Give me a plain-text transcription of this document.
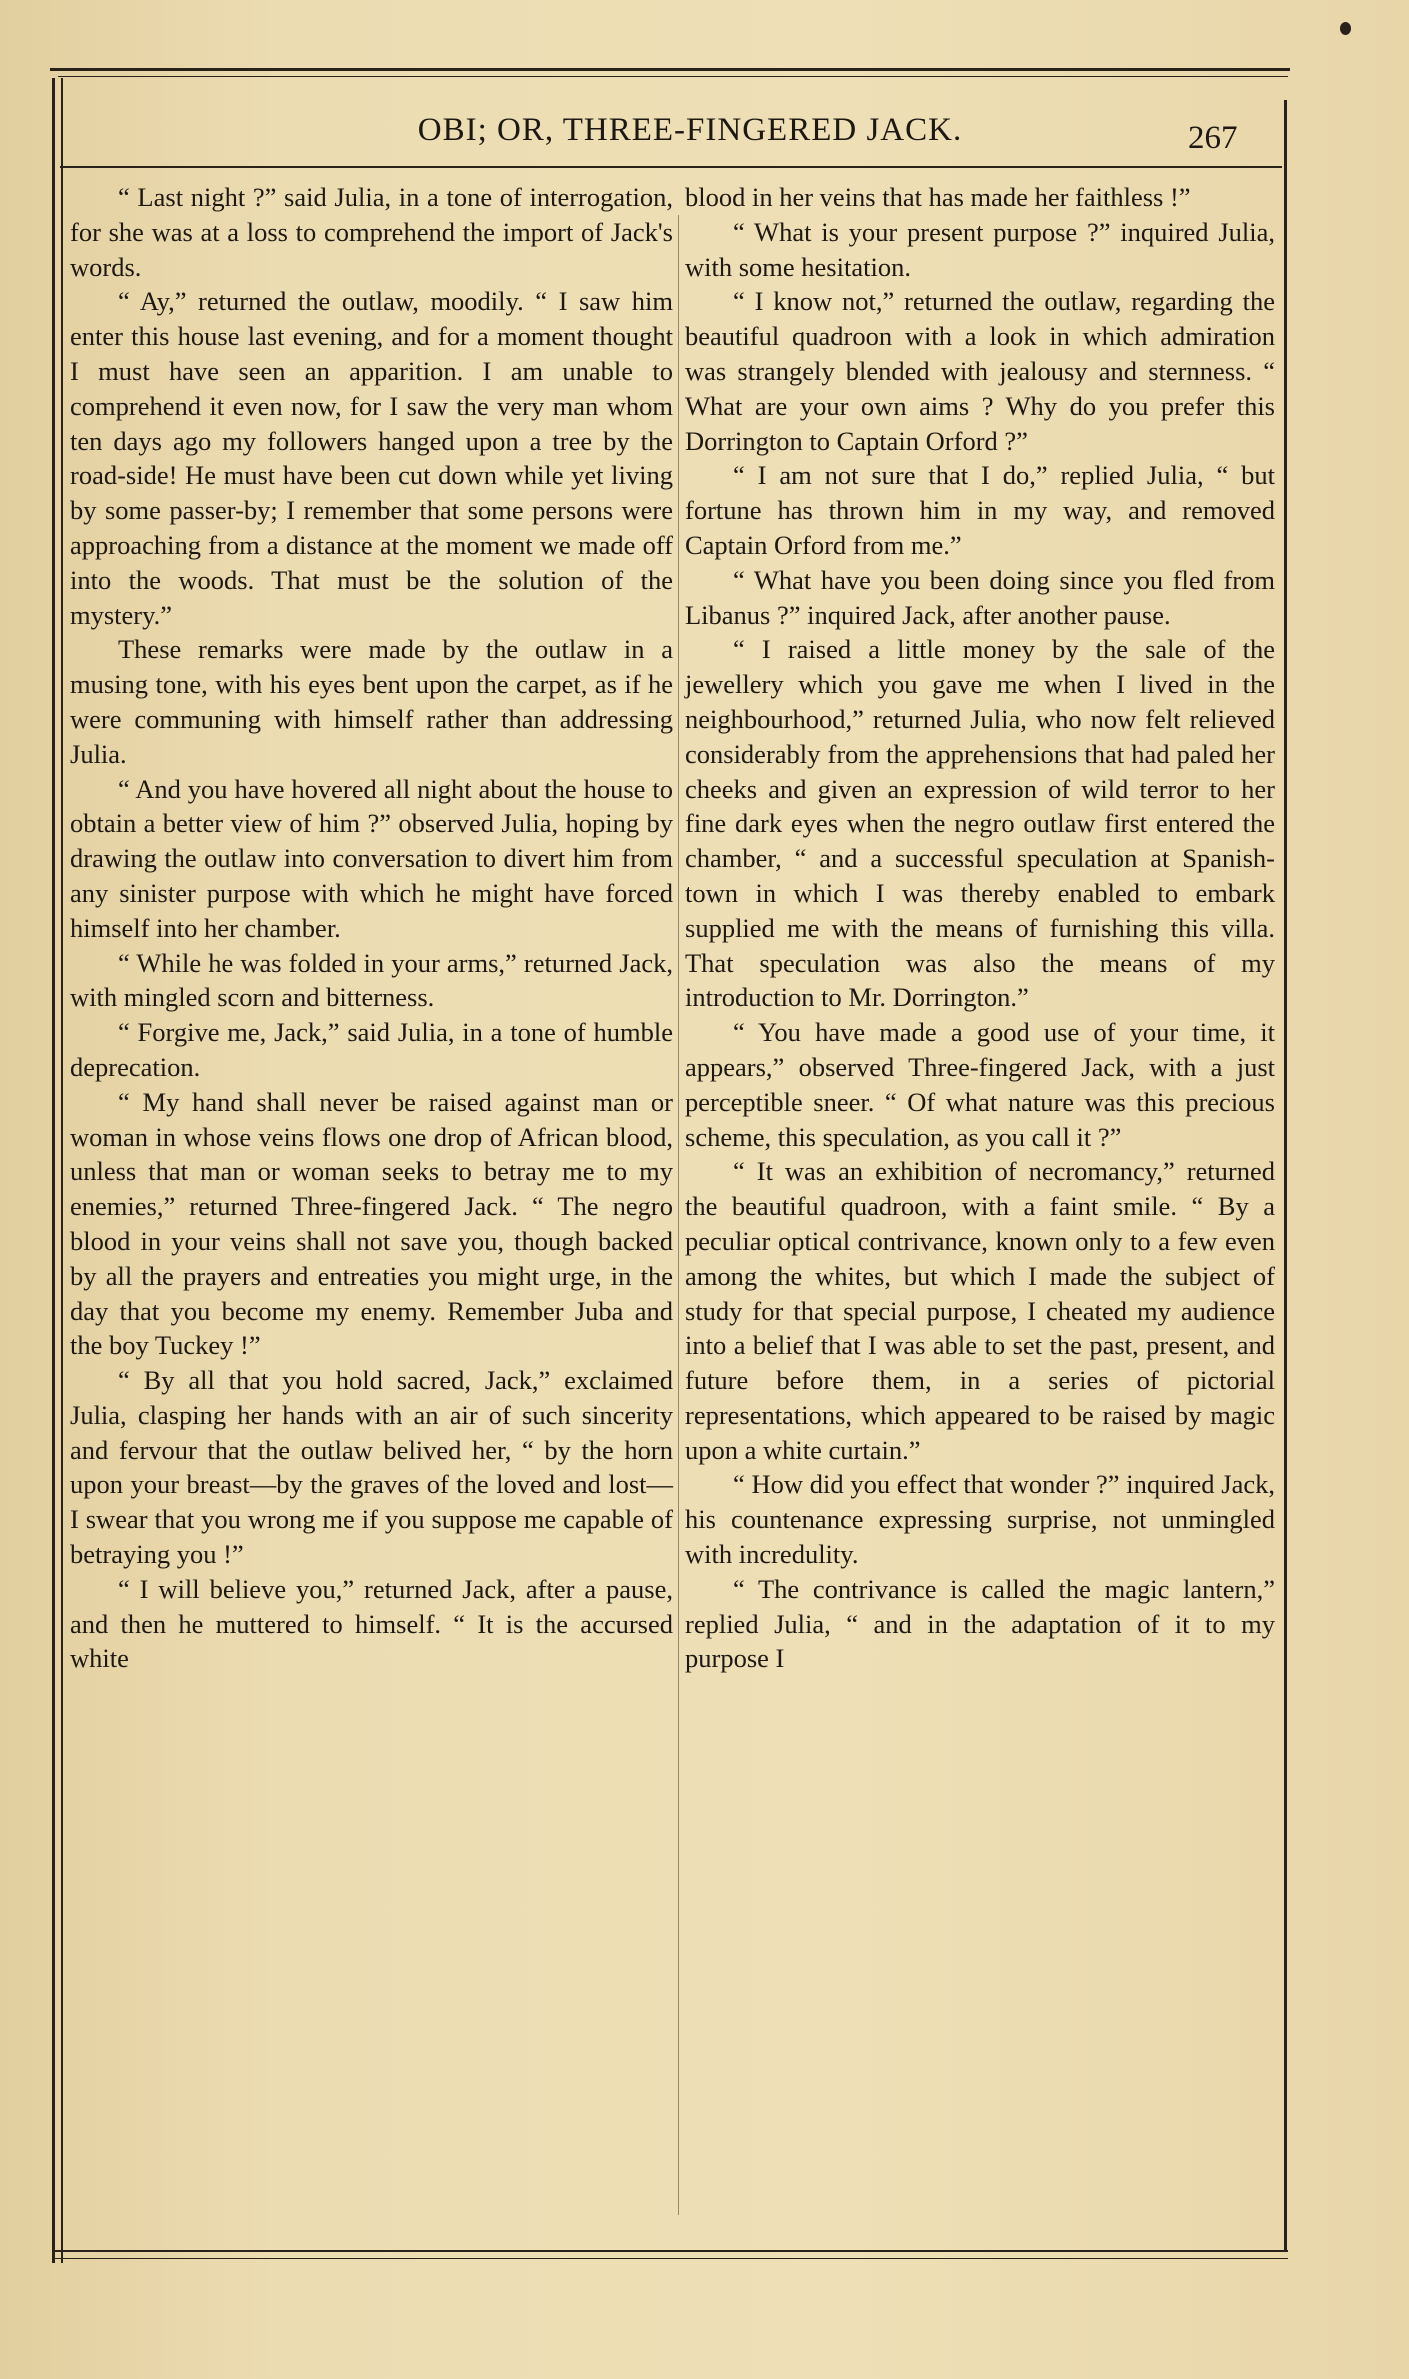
OBI; OR, THREE-FINGERED JACK.	267

“ Last night ?” said Julia, in a tone of interrogation, for she was at a loss to comprehend the import of Jack's words.

“ Ay,” returned the outlaw, moodily. “ I saw him enter this house last evening, and for a moment thought I must have seen an apparition. I am unable to comprehend it even now, for I saw the very man whom ten days ago my followers hanged upon a tree by the road-side! He must have been cut down while yet living by some passer-by; I remember that some persons were approaching from a distance at the moment we made off into the woods. That must be the solution of the mystery.”

These remarks were made by the outlaw in a musing tone, with his eyes bent upon the carpet, as if he were communing with himself rather than addressing Julia.

“ And you have hovered all night about the house to obtain a better view of him ?” observed Julia, hoping by drawing the outlaw into conversation to divert him from any sinister purpose with which he might have forced himself into her chamber.

“ While he was folded in your arms,” returned Jack, with mingled scorn and bitterness.

“ Forgive me, Jack,” said Julia, in a tone of humble deprecation.

“ My hand shall never be raised against man or woman in whose veins flows one drop of African blood, unless that man or woman seeks to betray me to my enemies,” returned Three-fingered Jack. “ The negro blood in your veins shall not save you, though backed by all the prayers and entreaties you might urge, in the day that you become my enemy. Remember Juba and the boy Tuckey !”

“ By all that you hold sacred, Jack,” exclaimed Julia, clasping her hands with an air of such sincerity and fervour that the outlaw belived her, “ by the horn upon your breast—by the graves of the loved and lost—I swear that you wrong me if you suppose me capable of betraying you !”

“ I will believe you,” returned Jack, after a pause, and then he muttered to himself. “ It is the accursed white

blood in her veins that has made her faithless !”

“ What is your present purpose ?” inquired Julia, with some hesitation.

“ I know not,” returned the outlaw, regarding the beautiful quadroon with a look in which admiration was strangely blended with jealousy and sternness. “ What are your own aims ? Why do you prefer this Dorrington to Captain Orford ?”

“ I am not sure that I do,” replied Julia, “ but fortune has thrown him in my way, and removed Captain Orford from me.”

“ What have you been doing since you fled from Libanus ?” inquired Jack, after another pause.

“ I raised a little money by the sale of the jewellery which you gave me when I lived in the neighbourhood,” returned Julia, who now felt relieved considerably from the apprehensions that had paled her cheeks and given an expression of wild terror to her fine dark eyes when the negro outlaw first entered the chamber, “ and a successful speculation at Spanish-town in which I was thereby enabled to embark supplied me with the means of furnishing this villa. That speculation was also the means of my introduction to Mr. Dorrington.”

“ You have made a good use of your time, it appears,” observed Three-fingered Jack, with a just perceptible sneer. “ Of what nature was this precious scheme, this speculation, as you call it ?”

“ It was an exhibition of necromancy,” returned the beautiful quadroon, with a faint smile. “ By a peculiar optical contrivance, known only to a few even among the whites, but which I made the subject of study for that special purpose, I cheated my audience into a belief that I was able to set the past, present, and future before them, in a series of pictorial representations, which appeared to be raised by magic upon a white curtain.”

“ How did you effect that wonder ?” inquired Jack, his countenance expressing surprise, not unmingled with incredulity.

“ The contrivance is called the magic lantern,” replied Julia, “ and in the adaptation of it to my purpose I
